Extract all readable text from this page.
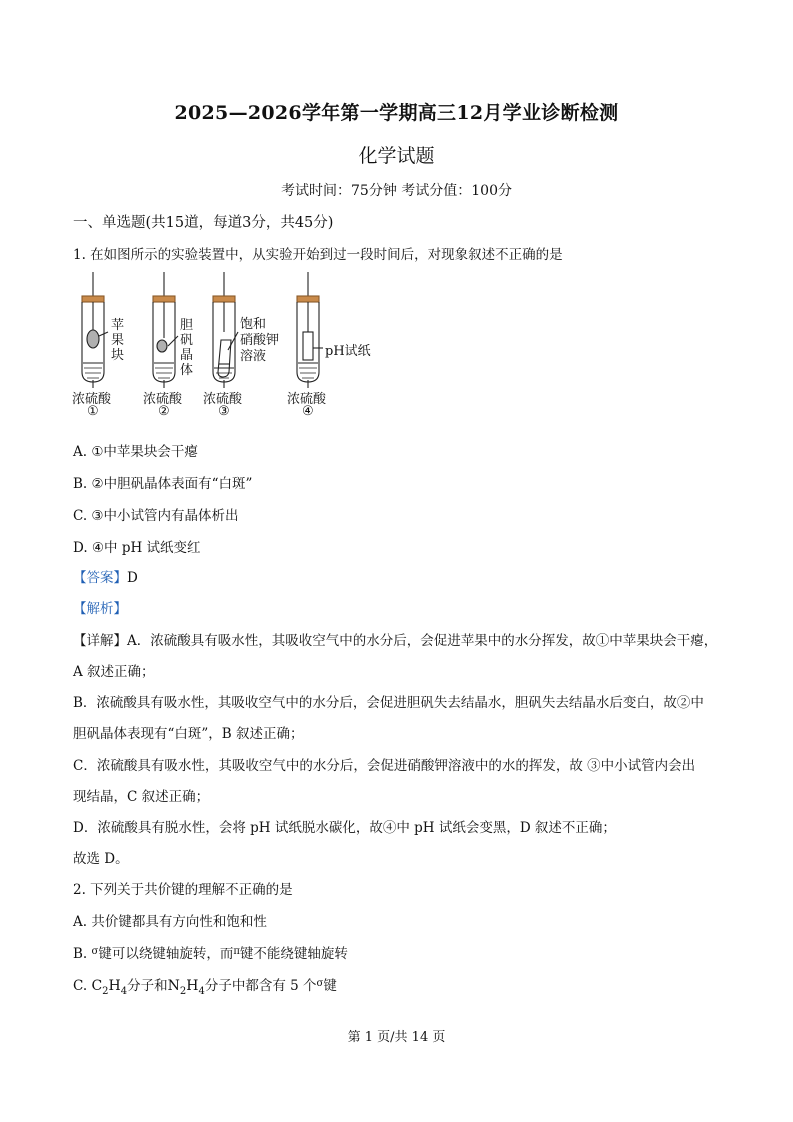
2025—2026学年第一学期高三12月学业诊断检测
化学试题
考试时间：75分钟 考试分值：100分
一、单选题(共15道，每道3分，共45分)
1. 在如图所示的实验装置中，从实验开始到过一段时间后，对现象叙述不正确的是
苹
果
块
胆
矾
晶
体
饱和
硝酸钾
溶液	pH试纸
浓硫酸 浓硫酸 浓硫酸	浓硫酸
①	②	③	④
A. ①中苹果块会干瘪
B. ②中胆矾晶体表面有“白斑”
C. ③中小试管内有晶体析出
D. ④中 pH 试纸变红
【答案】D
【解析】
【详解】A．浓硫酸具有吸水性，其吸收空气中的水分后，会促进苹果中的水分挥发，故①中苹果块会干瘪，
A 叙述正确；
B．浓硫酸具有吸水性，其吸收空气中的水分后，会促进胆矾失去结晶水，胆矾失去结晶水后变白，故②中
胆矾晶体表现有“白斑”，B 叙述正确；
C．浓硫酸具有吸水性，其吸收空气中的水分后，会促进硝酸钾溶液中的水的挥发，故 ③中小试管内会出
现结晶，C 叙述正确；
D．浓硫酸具有脱水性，会将 pH 试纸脱水碳化，故④中 pH 试纸会变黑，D 叙述不正确；
故选 D。
2. 下列关于共价键的理解不正确的是
A. 共价键都具有方向性和饱和性
B. $^\sigma$键可以绕键轴旋转，而$^\pi$键不能绕键轴旋转
C. $C_2H_4$分子和$N_2H_4$分子中都含有 5 个$^\sigma$键
第 1 页/共 14 页
